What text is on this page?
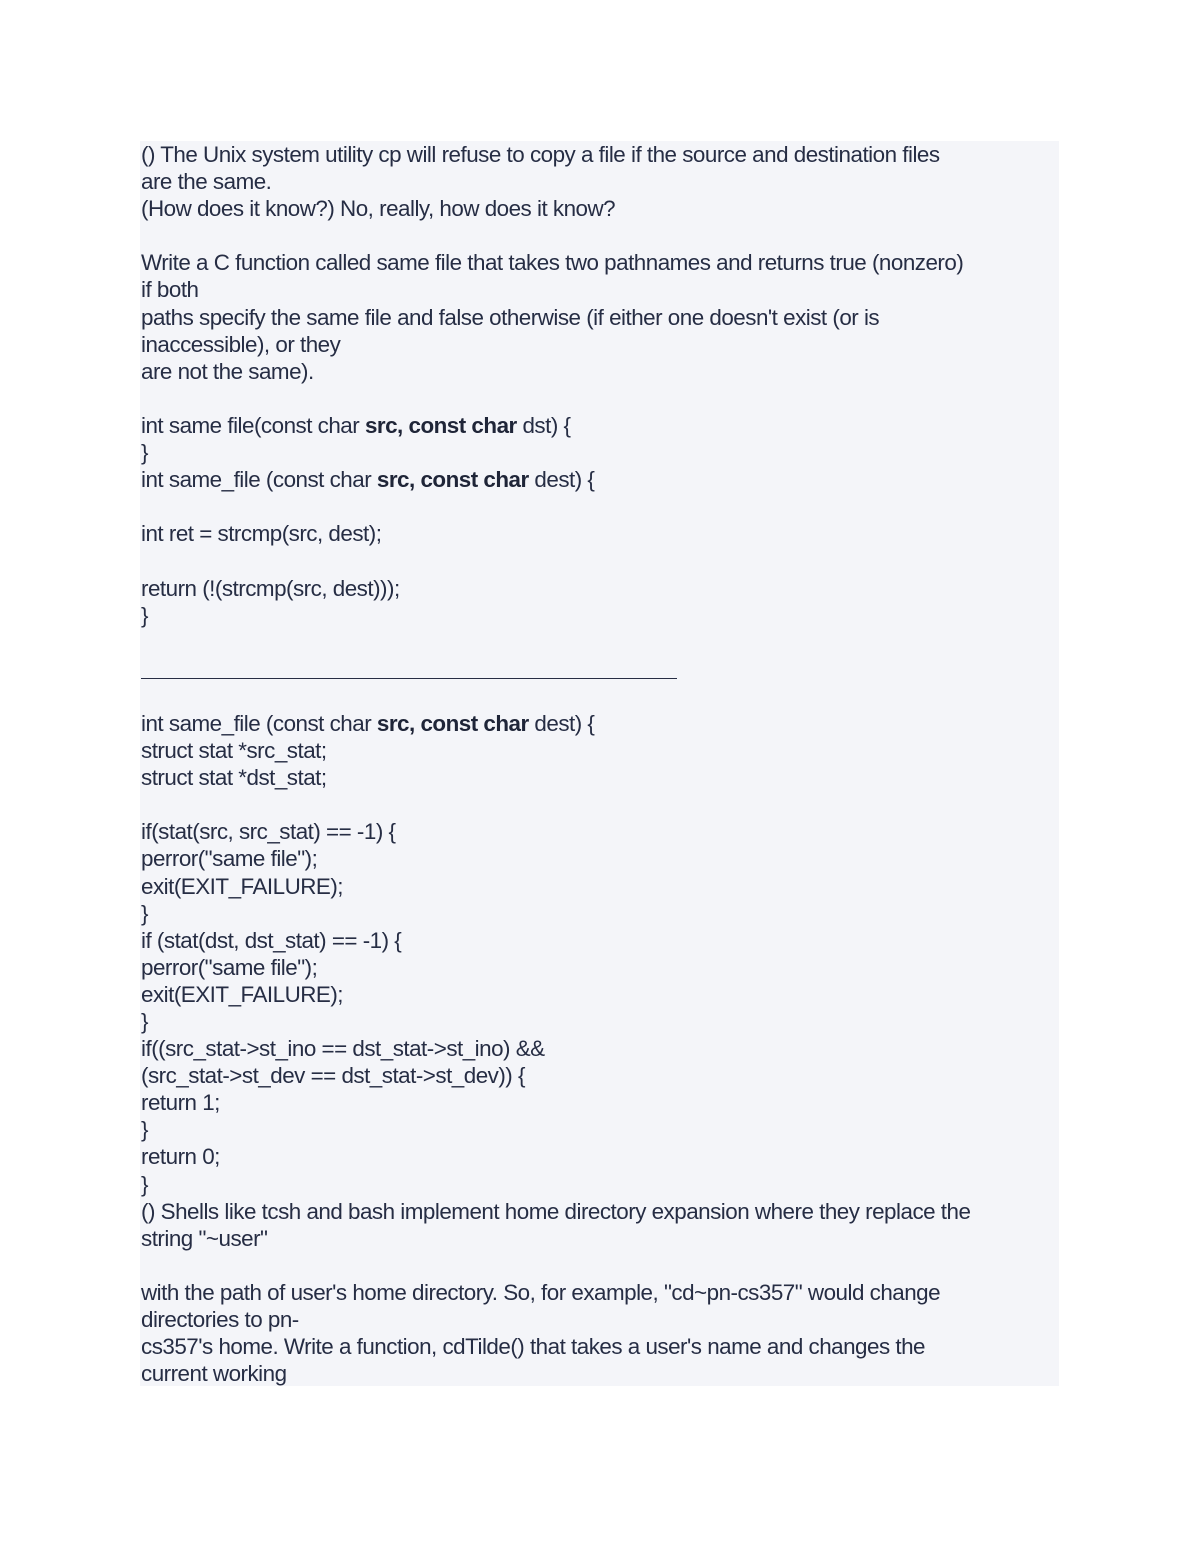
() The Unix system utility cp will refuse to copy a file if the source and destination files
are the same.
(How does it know?) No, really, how does it know?
Write a C function called same file that takes two pathnames and returns true (nonzero)
if both
paths specify the same file and false otherwise (if either one doesn't exist (or is
inaccessible), or they
are not the same).
int same file(const char src, const char dst) {
}
int same_file (const char src, const char dest) {
int ret = strcmp(src, dest);
return (!(strcmp(src, dest)));
}
int same_file (const char src, const char dest) {
struct stat *src_stat;
struct stat *dst_stat;
if(stat(src, src_stat) == -1) {
perror("same file");
exit(EXIT_FAILURE);
}
if (stat(dst, dst_stat) == -1) {
perror("same file");
exit(EXIT_FAILURE);
}
if((src_stat->st_ino == dst_stat->st_ino) &&
(src_stat->st_dev == dst_stat->st_dev)) {
return 1;
}
return 0;
}
() Shells like tcsh and bash implement home directory expansion where they replace the
string "~user"
with the path of user's home directory. So, for example, "cd~pn-cs357" would change
directories to pn-
cs357's home. Write a function, cdTilde() that takes a user's name and changes the
current working
